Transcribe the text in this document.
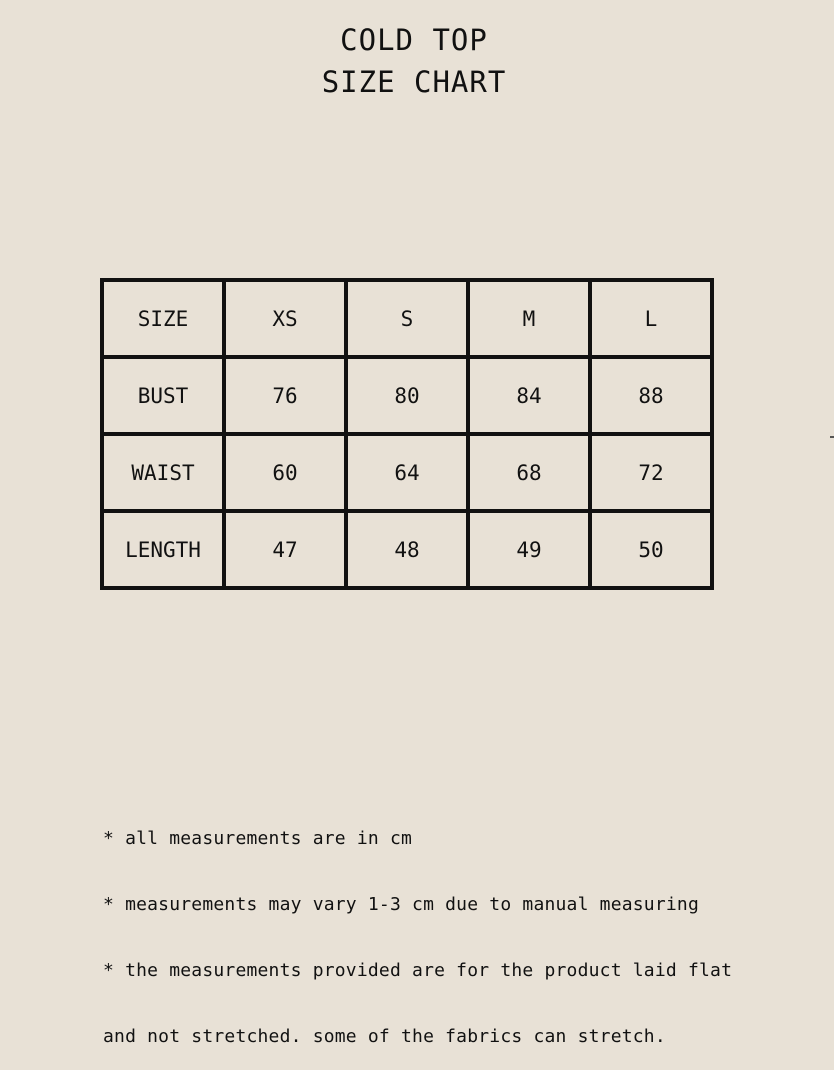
COLD TOP
SIZE CHART
SIZE	XS	S	M	L
BUST	76	80	84	88
WAIST	60	64	68	72
LENGTH	47	48	49	50

* all measurements are in cm

* measurements may vary 1-3 cm due to manual measuring

* the measurements provided are for the product laid flat

and not stretched. some of the fabrics can stretch.
